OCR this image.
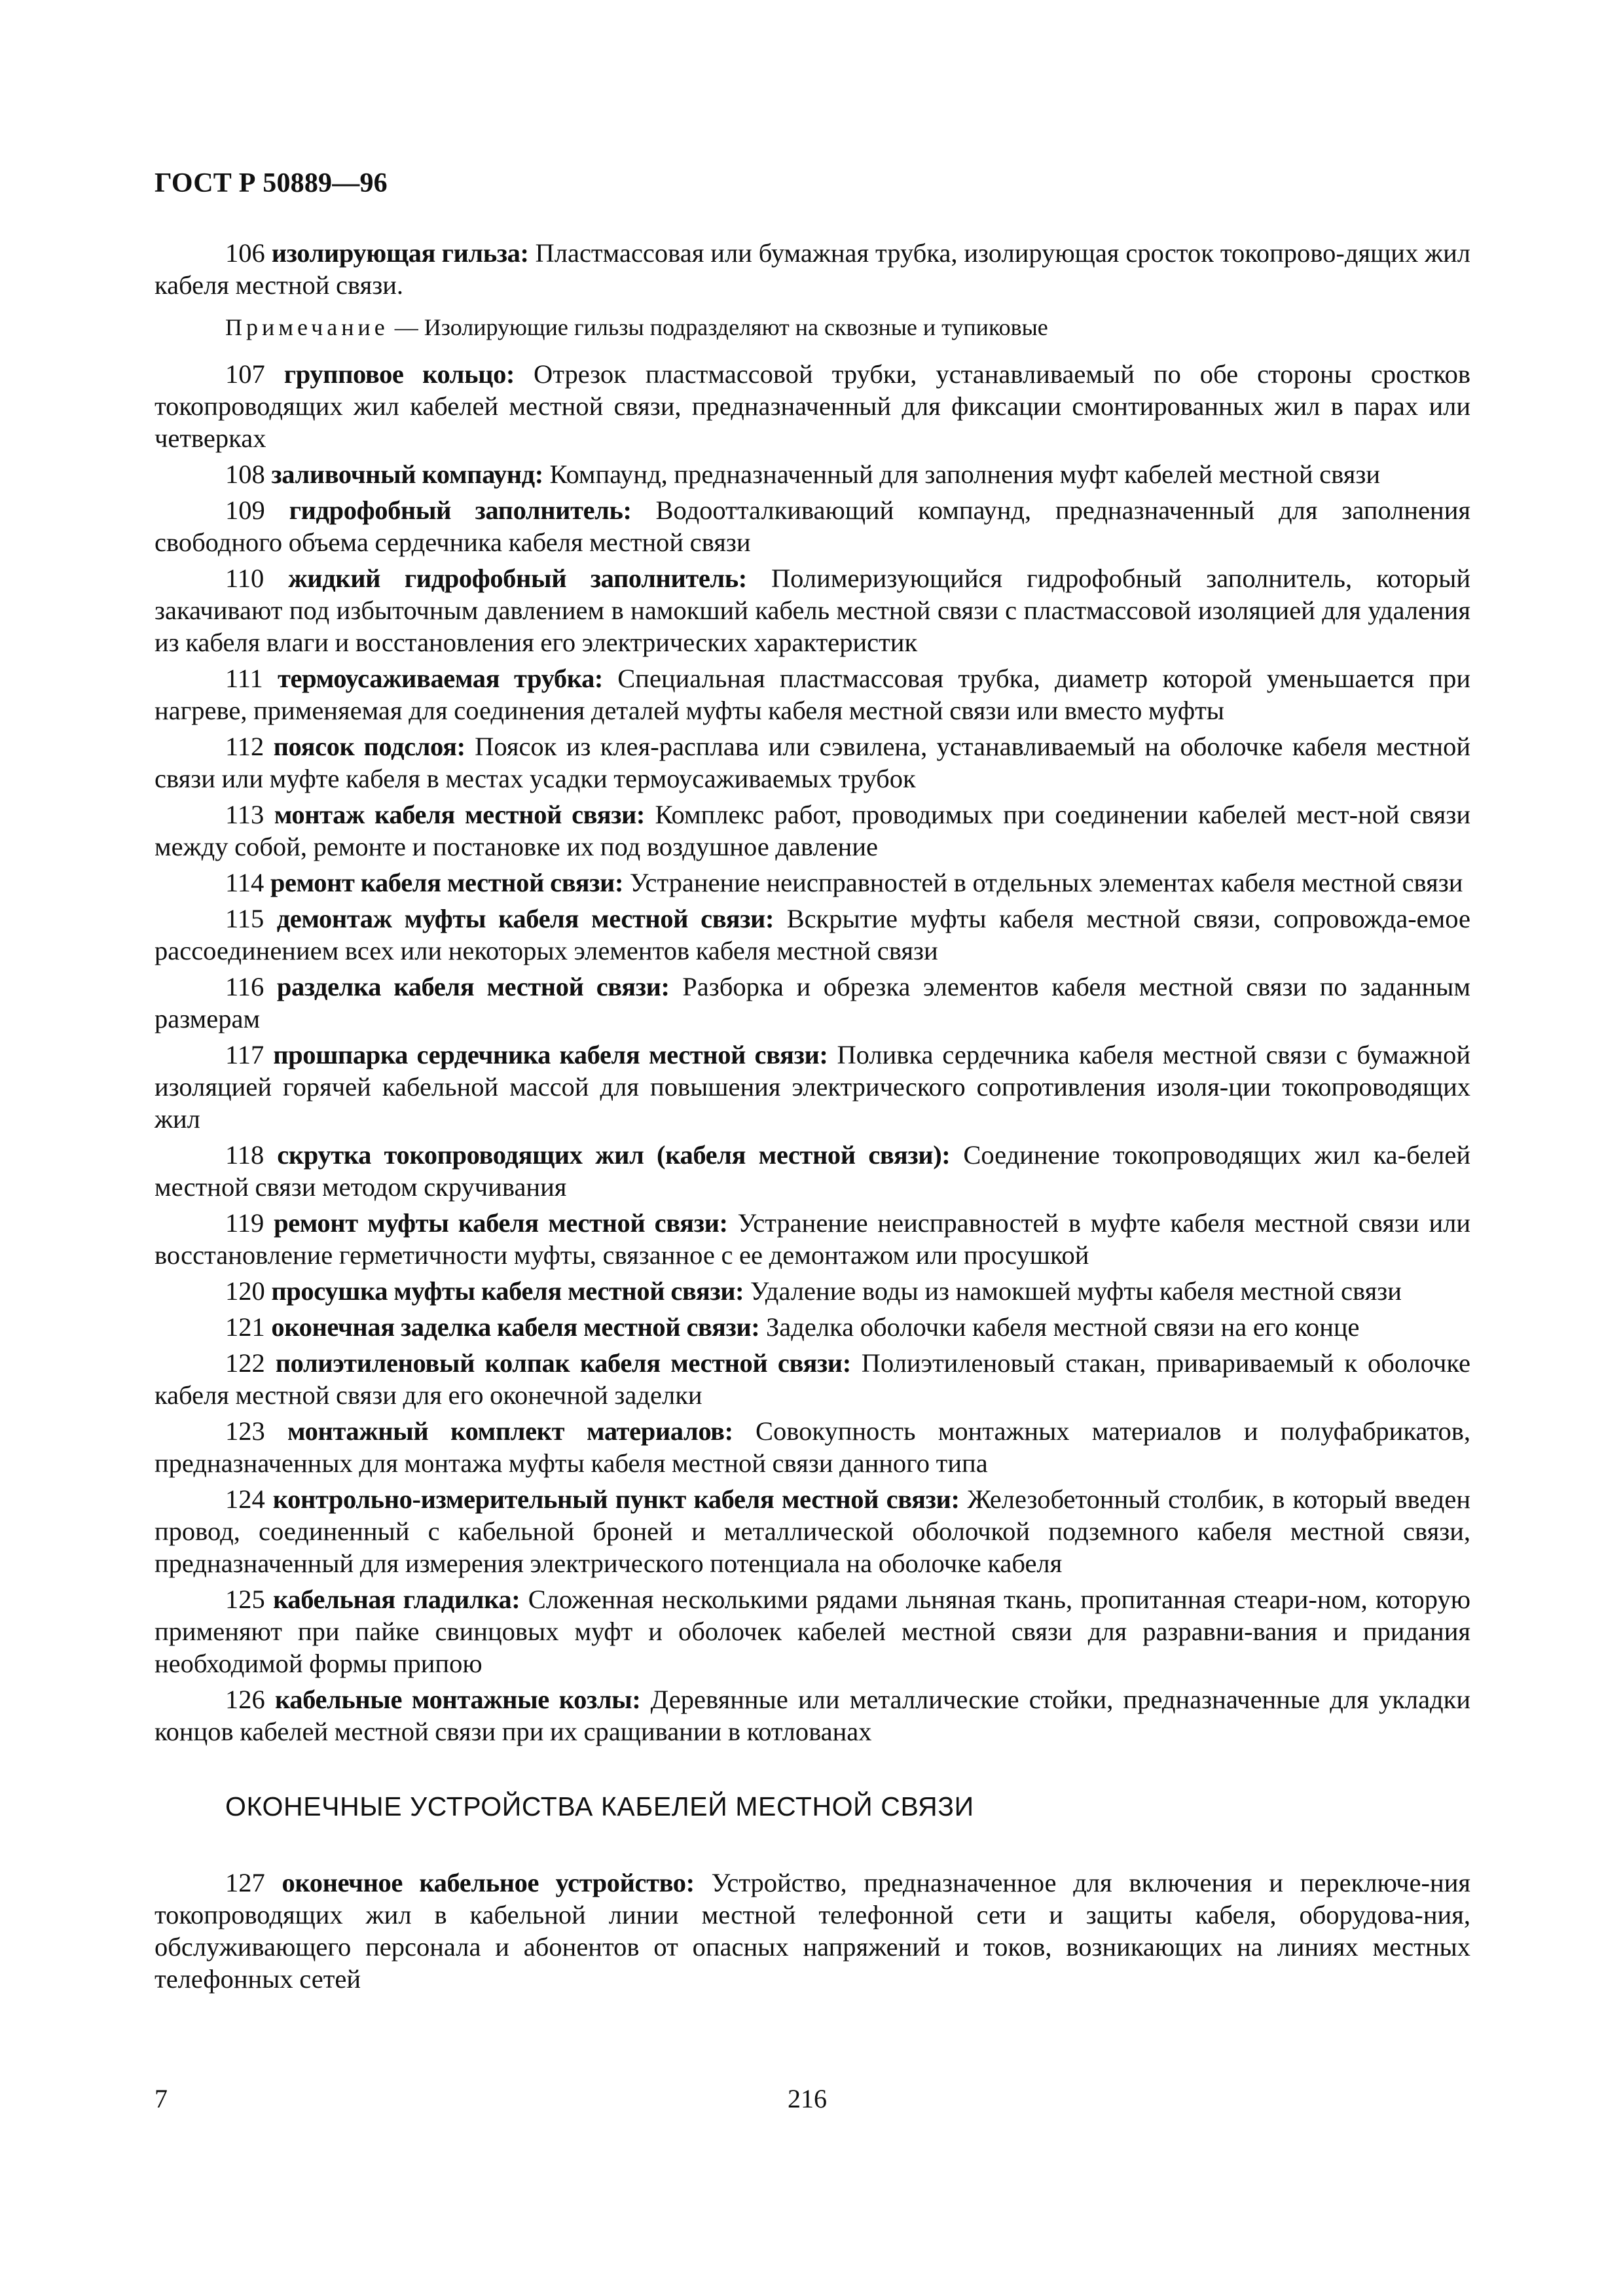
ГОСТ Р 50889—96

106 изолирующая гильза: Пластмассовая или бумажная трубка, изолирующая сросток токопрово-дящих жил кабеля местной связи.

Примечание — Изолирующие гильзы подразделяют на сквозные и тупиковые

107 групповое кольцо: Отрезок пластмассовой трубки, устанавливаемый по обе стороны сростков токопроводящих жил кабелей местной связи, предназначенный для фиксации смонтированных жил в парах или четверках

108 заливочный компаунд: Компаунд, предназначенный для заполнения муфт кабелей местной связи

109 гидрофобный заполнитель: Водоотталкивающий компаунд, предназначенный для заполнения свободного объема сердечника кабеля местной связи

110 жидкий гидрофобный заполнитель: Полимеризующийся гидрофобный заполнитель, который закачивают под избыточным давлением в намокший кабель местной связи с пластмассовой изоляцией для удаления из кабеля влаги и восстановления его электрических характеристик

111 термоусаживаемая трубка: Специальная пластмассовая трубка, диаметр которой уменьшается при нагреве, применяемая для соединения деталей муфты кабеля местной связи или вместо муфты

112 поясок подслоя: Поясок из клея-расплава или сэвилена, устанавливаемый на оболочке кабеля местной связи или муфте кабеля в местах усадки термоусаживаемых трубок

113 монтаж кабеля местной связи: Комплекс работ, проводимых при соединении кабелей мест-ной связи между собой, ремонте и постановке их под воздушное давление

114 ремонт кабеля местной связи: Устранение неисправностей в отдельных элементах кабеля местной связи

115 демонтаж муфты кабеля местной связи: Вскрытие муфты кабеля местной связи, сопровожда-емое рассоединением всех или некоторых элементов кабеля местной связи

116 разделка кабеля местной связи: Разборка и обрезка элементов кабеля местной связи по заданным размерам

117 прошпарка сердечника кабеля местной связи: Поливка сердечника кабеля местной связи с бумажной изоляцией горячей кабельной массой для повышения электрического сопротивления изоля-ции токопроводящих жил

118 скрутка токопроводящих жил (кабеля местной связи): Соединение токопроводящих жил ка-белей местной связи методом скручивания

119 ремонт муфты кабеля местной связи: Устранение неисправностей в муфте кабеля местной связи или восстановление герметичности муфты, связанное с ее демонтажом или просушкой

120 просушка муфты кабеля местной связи: Удаление воды из намокшей муфты кабеля местной связи

121 оконечная заделка кабеля местной связи: Заделка оболочки кабеля местной связи на его конце

122 полиэтиленовый колпак кабеля местной связи: Полиэтиленовый стакан, привариваемый к оболочке кабеля местной связи для его оконечной заделки

123 монтажный комплект материалов: Совокупность монтажных материалов и полуфабрикатов, предназначенных для монтажа муфты кабеля местной связи данного типа

124 контрольно-измерительный пункт кабеля местной связи: Железобетонный столбик, в который введен провод, соединенный с кабельной броней и металлической оболочкой подземного кабеля местной связи, предназначенный для измерения электрического потенциала на оболочке кабеля

125 кабельная гладилка: Сложенная несколькими рядами льняная ткань, пропитанная стеари-ном, которую применяют при пайке свинцовых муфт и оболочек кабелей местной связи для разравни-вания и придания необходимой формы припою

126 кабельные монтажные козлы: Деревянные или металлические стойки, предназначенные для укладки концов кабелей местной связи при их сращивании в котлованах

ОКОНЕЧНЫЕ УСТРОЙСТВА КАБЕЛЕЙ МЕСТНОЙ СВЯЗИ

127 оконечное кабельное устройство: Устройство, предназначенное для включения и переключе-ния токопроводящих жил в кабельной линии местной телефонной сети и защиты кабеля, оборудова-ния, обслуживающего персонала и абонентов от опасных напряжений и токов, возникающих на линиях местных телефонных сетей

7	216
